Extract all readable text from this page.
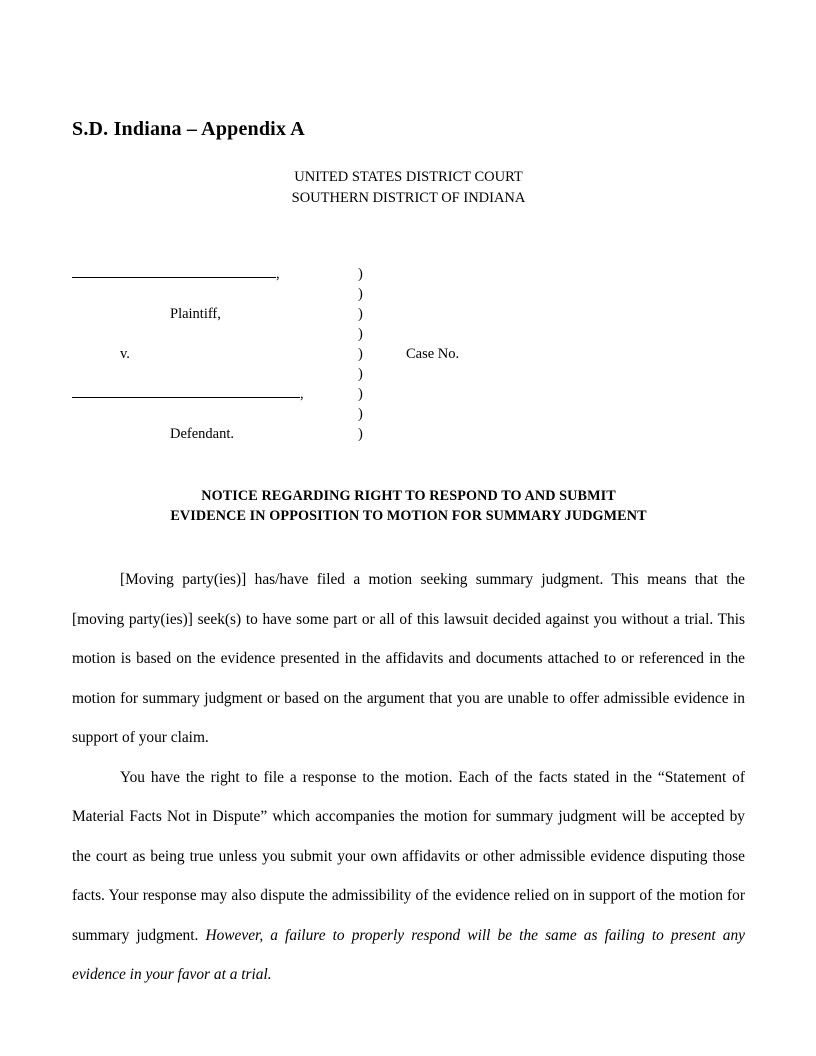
S.D. Indiana – Appendix A
UNITED STATES DISTRICT COURT
SOUTHERN DISTRICT OF INDIANA
,	)
)
Plaintiff,	)
)
v.	)	Case No.
)
,	)
)
Defendant.	)
NOTICE REGARDING RIGHT TO RESPOND TO AND SUBMIT
EVIDENCE IN OPPOSITION TO MOTION FOR SUMMARY JUDGMENT

[Moving party(ies)] has/have filed a motion seeking summary judgment. This means that the [moving party(ies)] seek(s) to have some part or all of this lawsuit decided against you without a trial. This motion is based on the evidence presented in the affidavits and documents attached to or referenced in the motion for summary judgment or based on the argument that you are unable to offer admissible evidence in support of your claim.

You have the right to file a response to the motion. Each of the facts stated in the “Statement of Material Facts Not in Dispute” which accompanies the motion for summary judgment will be accepted by the court as being true unless you submit your own affidavits or other admissible evidence disputing those facts. Your response may also dispute the admissibility of the evidence relied on in support of the motion for summary judgment. However, a failure to properly respond will be the same as failing to present any evidence in your favor at a trial.
